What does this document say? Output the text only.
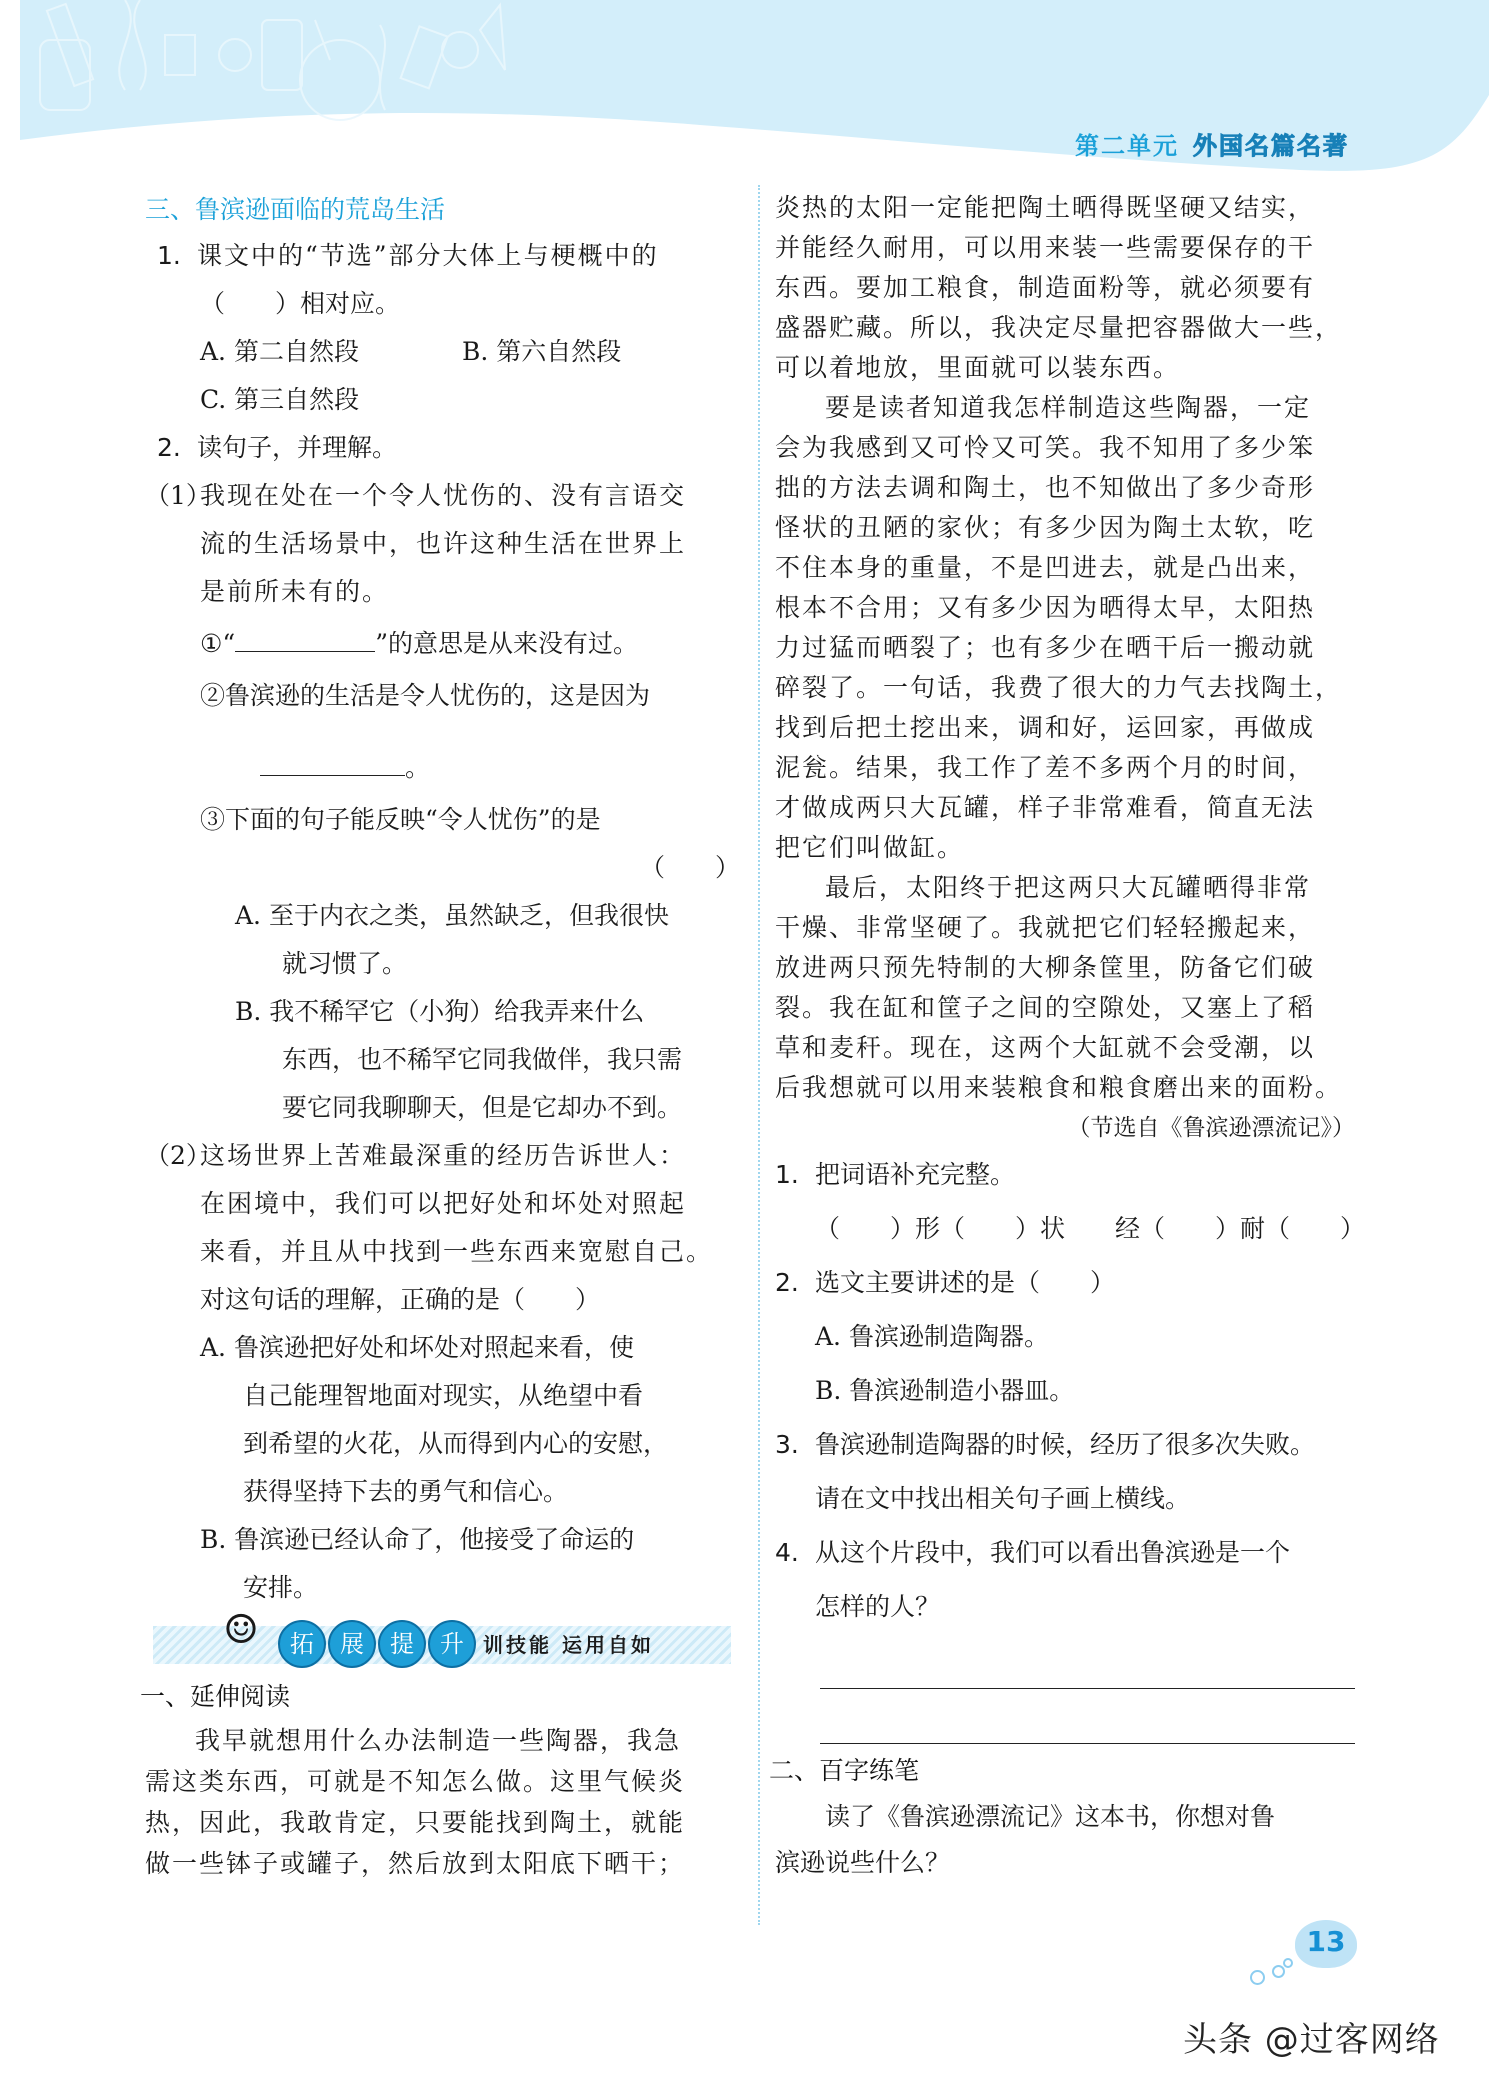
第二单元 外国名篇名著
三、鲁滨逊面临的荒岛生活
1. 课文中的“节选”部分大体上与梗概中的
（　　）相对应。
A. 第二自然段	B. 第六自然段
C. 第三自然段
2. 读句子，并理解。
（1）我现在处在一个令人忧伤的、没有言语交
流的生活场景中，也许这种生活在世界上
是前所未有的。
①“	”的意思是从来没有过。
②鲁滨逊的生活是令人忧伤的，这是因为
。
③下面的句子能反映“令人忧伤”的是
（　　）
A. 至于内衣之类，虽然缺乏，但我很快
就习惯了。
B. 我不稀罕它（小狗）给我弄来什么
东西，也不稀罕它同我做伴，我只需
要它同我聊聊天，但是它却办不到。
（2）这场世界上苦难最深重的经历告诉世人：
在困境中，我们可以把好处和坏处对照起
来看，并且从中找到一些东西来宽慰自己。
对这句话的理解，正确的是（　　）
A. 鲁滨逊把好处和坏处对照起来看，使
自己能理智地面对现实，从绝望中看
到希望的火花，从而得到内心的安慰，
获得坚持下去的勇气和信心。
B. 鲁滨逊已经认命了，他接受了命运的
安排。
☺	拓	展	提	升 训技能 运用自如
一、延伸阅读
我早就想用什么办法制造一些陶器，我急
需这类东西，可就是不知怎么做。这里气候炎
热，因此，我敢肯定，只要能找到陶土，就能
做一些钵子或罐子，然后放到太阳底下晒干；
炎热的太阳一定能把陶土晒得既坚硬又结实，
并能经久耐用，可以用来装一些需要保存的干
东西。要加工粮食，制造面粉等，就必须要有
盛器贮藏。所以，我决定尽量把容器做大一些，
可以着地放，里面就可以装东西。
要是读者知道我怎样制造这些陶器，一定
会为我感到又可怜又可笑。我不知用了多少笨
拙的方法去调和陶土，也不知做出了多少奇形
怪状的丑陋的家伙；有多少因为陶土太软，吃
不住本身的重量，不是凹进去，就是凸出来，
根本不合用；又有多少因为晒得太早，太阳热
力过猛而晒裂了；也有多少在晒干后一搬动就
碎裂了。一句话，我费了很大的力气去找陶土，
找到后把土挖出来，调和好，运回家，再做成
泥瓮。结果，我工作了差不多两个月的时间，
才做成两只大瓦罐，样子非常难看，简直无法
把它们叫做缸。
最后，太阳终于把这两只大瓦罐晒得非常
干燥、非常坚硬了。我就把它们轻轻搬起来，
放进两只预先特制的大柳条筐里，防备它们破
裂。我在缸和筐子之间的空隙处，又塞上了稻
草和麦秆。现在，这两个大缸就不会受潮，以
后我想就可以用来装粮食和粮食磨出来的面粉。
（节选自《鲁滨逊漂流记》）
1. 把词语补充完整。
（　　）形（　　）状　　经（　　）耐（　　）
2. 选文主要讲述的是（　　）
A. 鲁滨逊制造陶器。
B. 鲁滨逊制造小器皿。
3. 鲁滨逊制造陶器的时候，经历了很多次失败。
请在文中找出相关句子画上横线。
4. 从这个片段中，我们可以看出鲁滨逊是一个
怎样的人？
二、百字练笔
读了《鲁滨逊漂流记》这本书，你想对鲁
滨逊说些什么？
13
头条 @过客网络
